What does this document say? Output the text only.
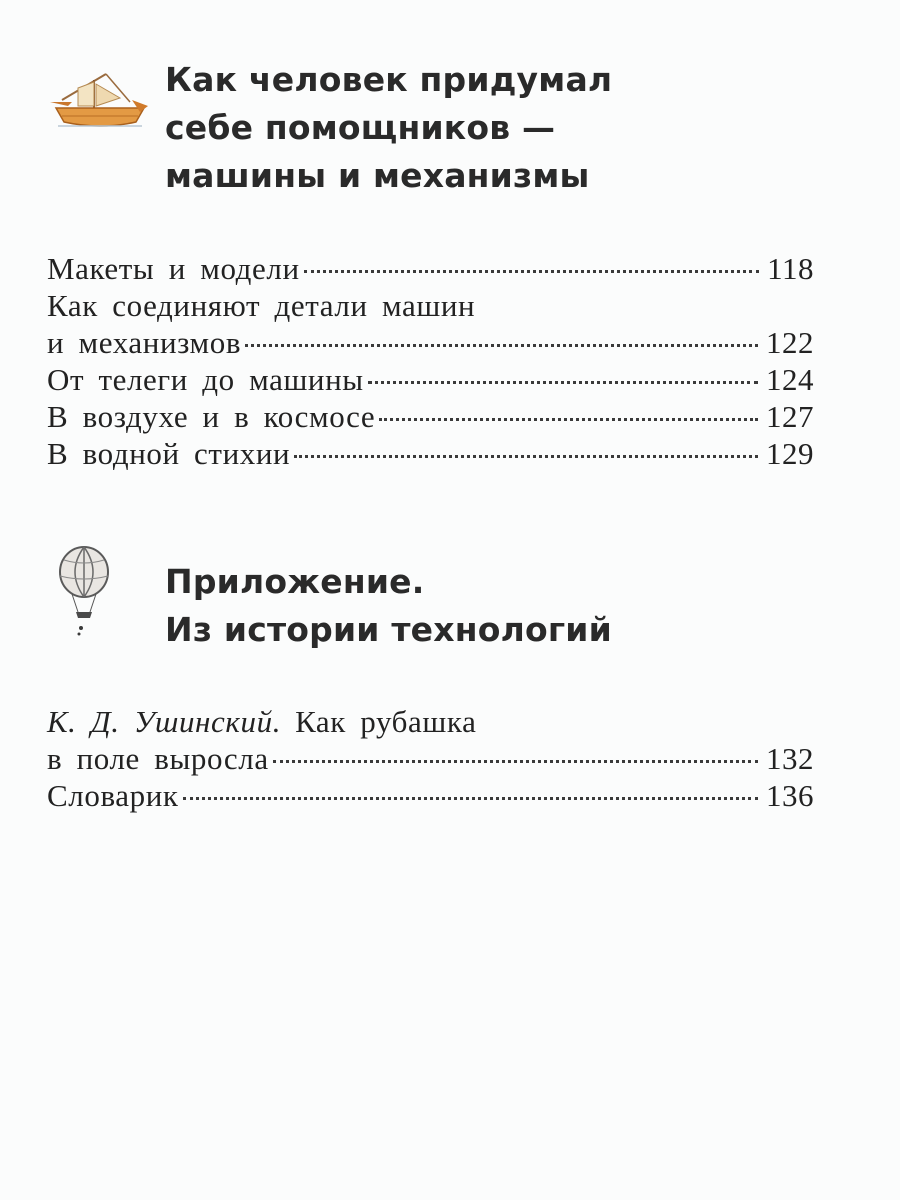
Как человек придумал
себе помощников —
машины и механизмы
Макеты и модели	118
Как соединяют детали машин
и механизмов	122
От телеги до машины	124
В воздухе и в космосе	127
В водной стихии	129
Приложение.
Из истории технологий
К. Д. Ушинский. Как рубашка
в поле выросла	132
Словарик	136
